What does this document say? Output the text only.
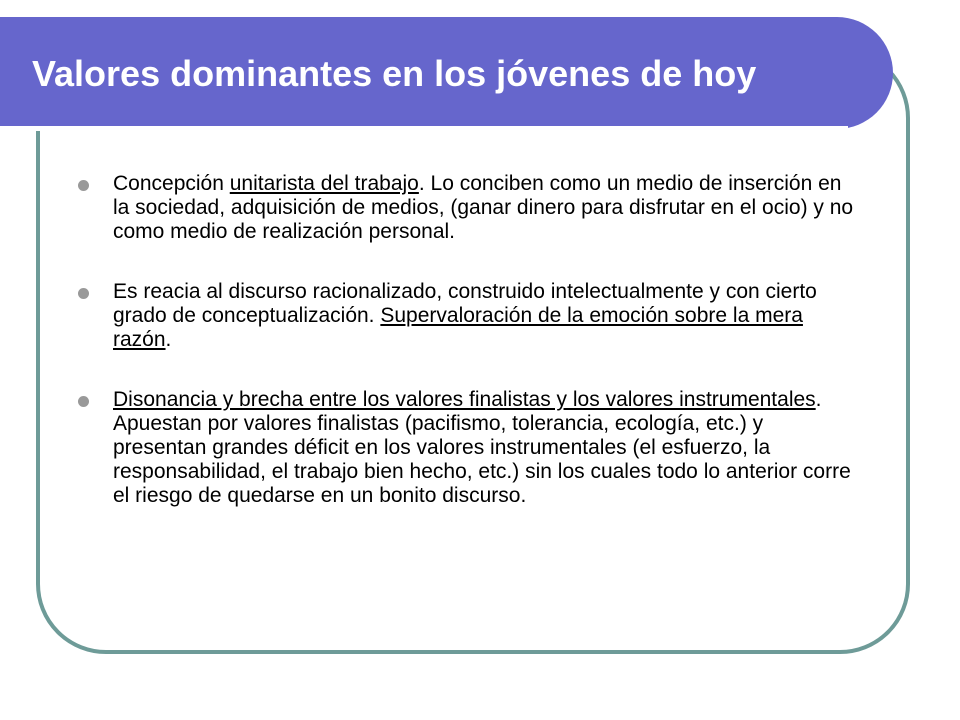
Valores dominantes en los jóvenes de hoy
Concepción unitarista del trabajo. Lo conciben como un medio de inserción en la sociedad, adquisición de medios, (ganar dinero para disfrutar en el ocio) y no como medio de realización personal.
Es reacia al discurso racionalizado, construido intelectualmente y con cierto grado de conceptualización. Supervaloración de la emoción sobre la mera razón.
Disonancia y brecha entre los valores finalistas y los valores instrumentales. Apuestan por valores finalistas (pacifismo, tolerancia, ecología, etc.) y presentan grandes déficit en los valores instrumentales (el esfuerzo, la responsabilidad, el trabajo bien hecho, etc.) sin los cuales todo lo anterior corre el riesgo de quedarse en un bonito discurso.
